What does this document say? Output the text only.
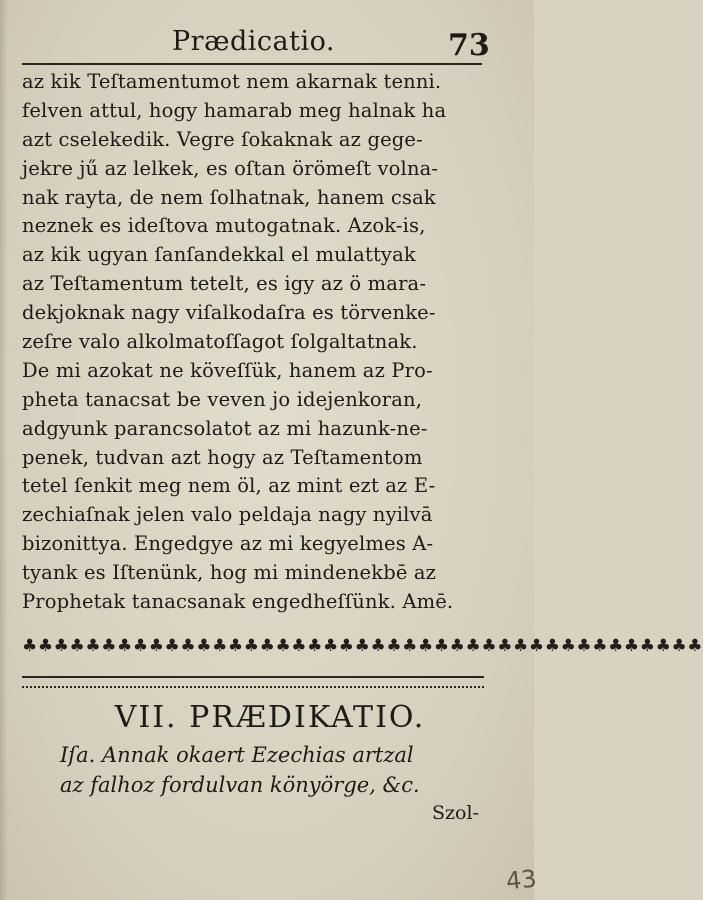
Prædicatio.	73
az kik Teſtamentumot nem akarnak tenni.
felven attul, hogy hamarab meg halnak ha
azt cselekedik. Vegre ſokaknak az gege-
jekre jű az lelkek, es oſtan örömeſt volna-
nak rayta, de nem ſolhatnak, hanem csak
neznek es ideſtova mutogatnak. Azok-is,
az kik ugyan ſanſandekkal el mulattyak
az Teſtamentum tetelt, es igy az ö mara-
dekjoknak nagy viſalkodaſra es törvenke-
zeſre valo alkolmatoſſagot ſolgaltatnak.
De mi azokat ne köveſſük, hanem az Pro-
pheta tanacsat be veven jo idejenkoran,
adgyunk parancsolatot az mi hazunk-ne-
penek, tudvan azt hogy az Teſtamentom
tetel ſenkit meg nem öl, az mint ezt az E-
zechiaſnak jelen valo peldaja nagy nyilvā
bizonittya. Engedgye az mi kegyelmes A-
tyank es Iſtenünk, hog mi mindenekbē az
Prophetak tanacsanak engedheſſünk. Amē.
♣♣♣♣♣♣♣♣♣♣♣♣♣♣♣♣♣♣♣♣♣♣♣♣♣♣♣♣♣♣♣♣♣♣♣♣♣♣♣♣♣♣♣
VII. PRÆDIKATIO.
Iſa. Annak okaert Ezechias artzal
az falhoz fordulvan könyörge, &c.
Szol-
43
